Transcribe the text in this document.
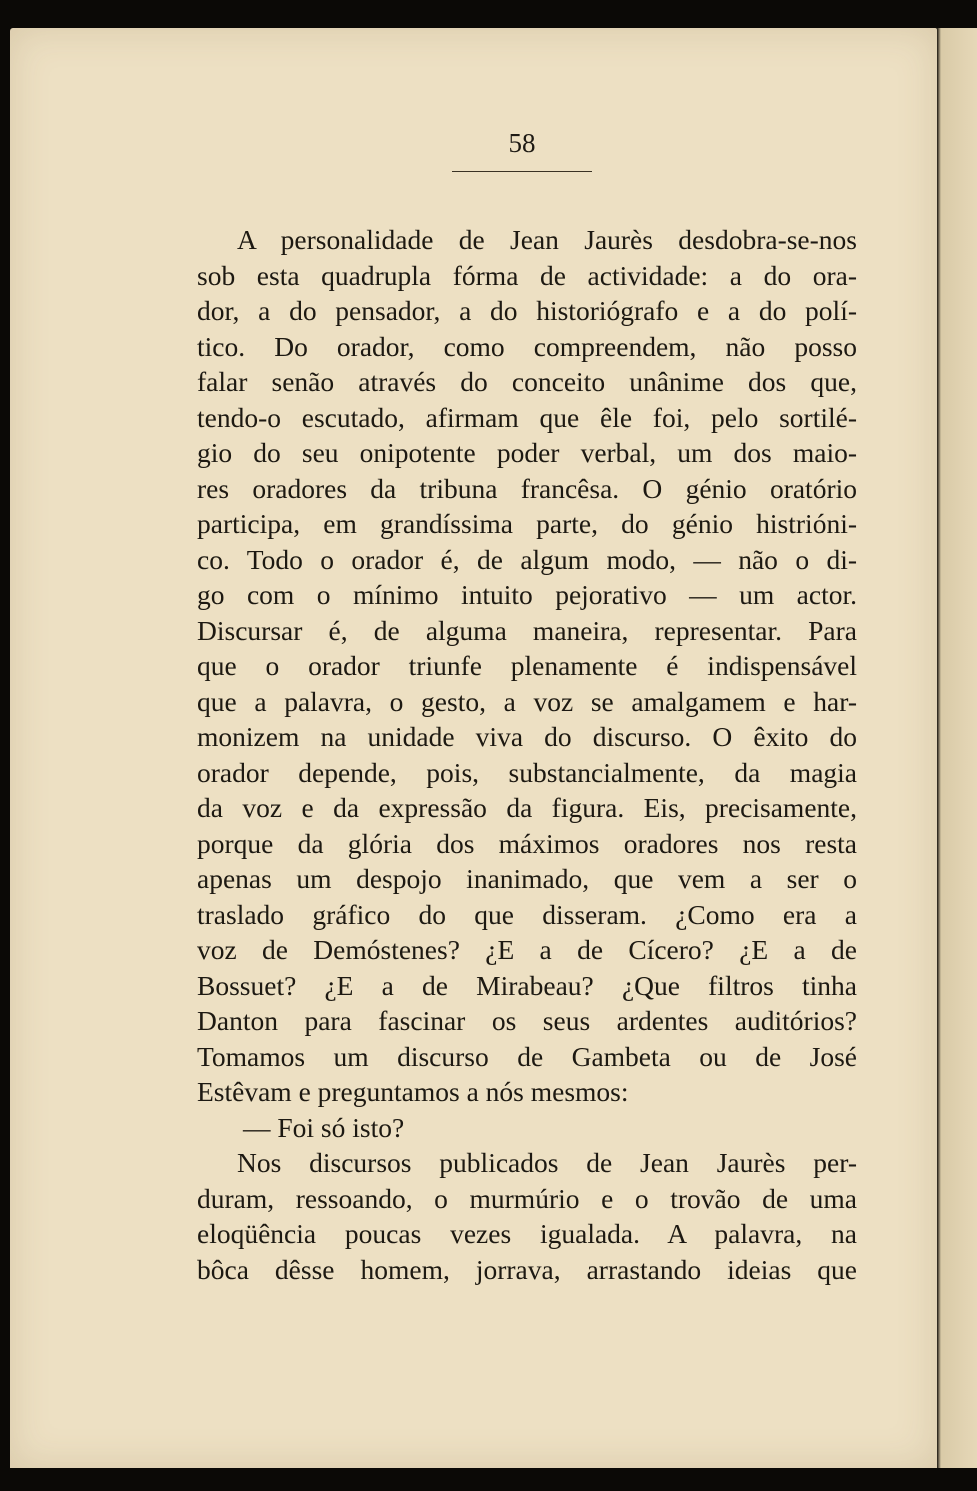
58

A personalidade de Jean Jaurès desdobra-se-nos
sob esta quadrupla fórma de actividade: a do ora-
dor, a do pensador, a do historiógrafo e a do polí-
tico. Do orador, como compreendem, não posso
falar senão através do conceito unânime dos que,
tendo-o escutado, afirmam que êle foi, pelo sortilé-
gio do seu onipotente poder verbal, um dos maio-
res oradores da tribuna francêsa. O génio oratório
participa, em grandíssima parte, do génio histrióni-
co. Todo o orador é, de algum modo, — não o di-
go com o mínimo intuito pejorativo — um actor.
Discursar é, de alguma maneira, representar. Para
que o orador triunfe plenamente é indispensável
que a palavra, o gesto, a voz se amalgamem e har-
monizem na unidade viva do discurso. O êxito do
orador depende, pois, substancialmente, da magia
da voz e da expressão da figura. Eis, precisamente,
porque da glória dos máximos oradores nos resta
apenas um despojo inanimado, que vem a ser o
traslado gráfico do que disseram. ¿Como era a
voz de Demóstenes? ¿E a de Cícero? ¿E a de
Bossuet? ¿E a de Mirabeau? ¿Que filtros tinha
Danton para fascinar os seus ardentes auditórios?
Tomamos um discurso de Gambeta ou de José
Estêvam e preguntamos a nós mesmos:
— Foi só isto?
Nos discursos publicados de Jean Jaurès per-
duram, ressoando, o murmúrio e o trovão de uma
eloqüência poucas vezes igualada. A palavra, na
bôca dêsse homem, jorrava, arrastando ideias que
